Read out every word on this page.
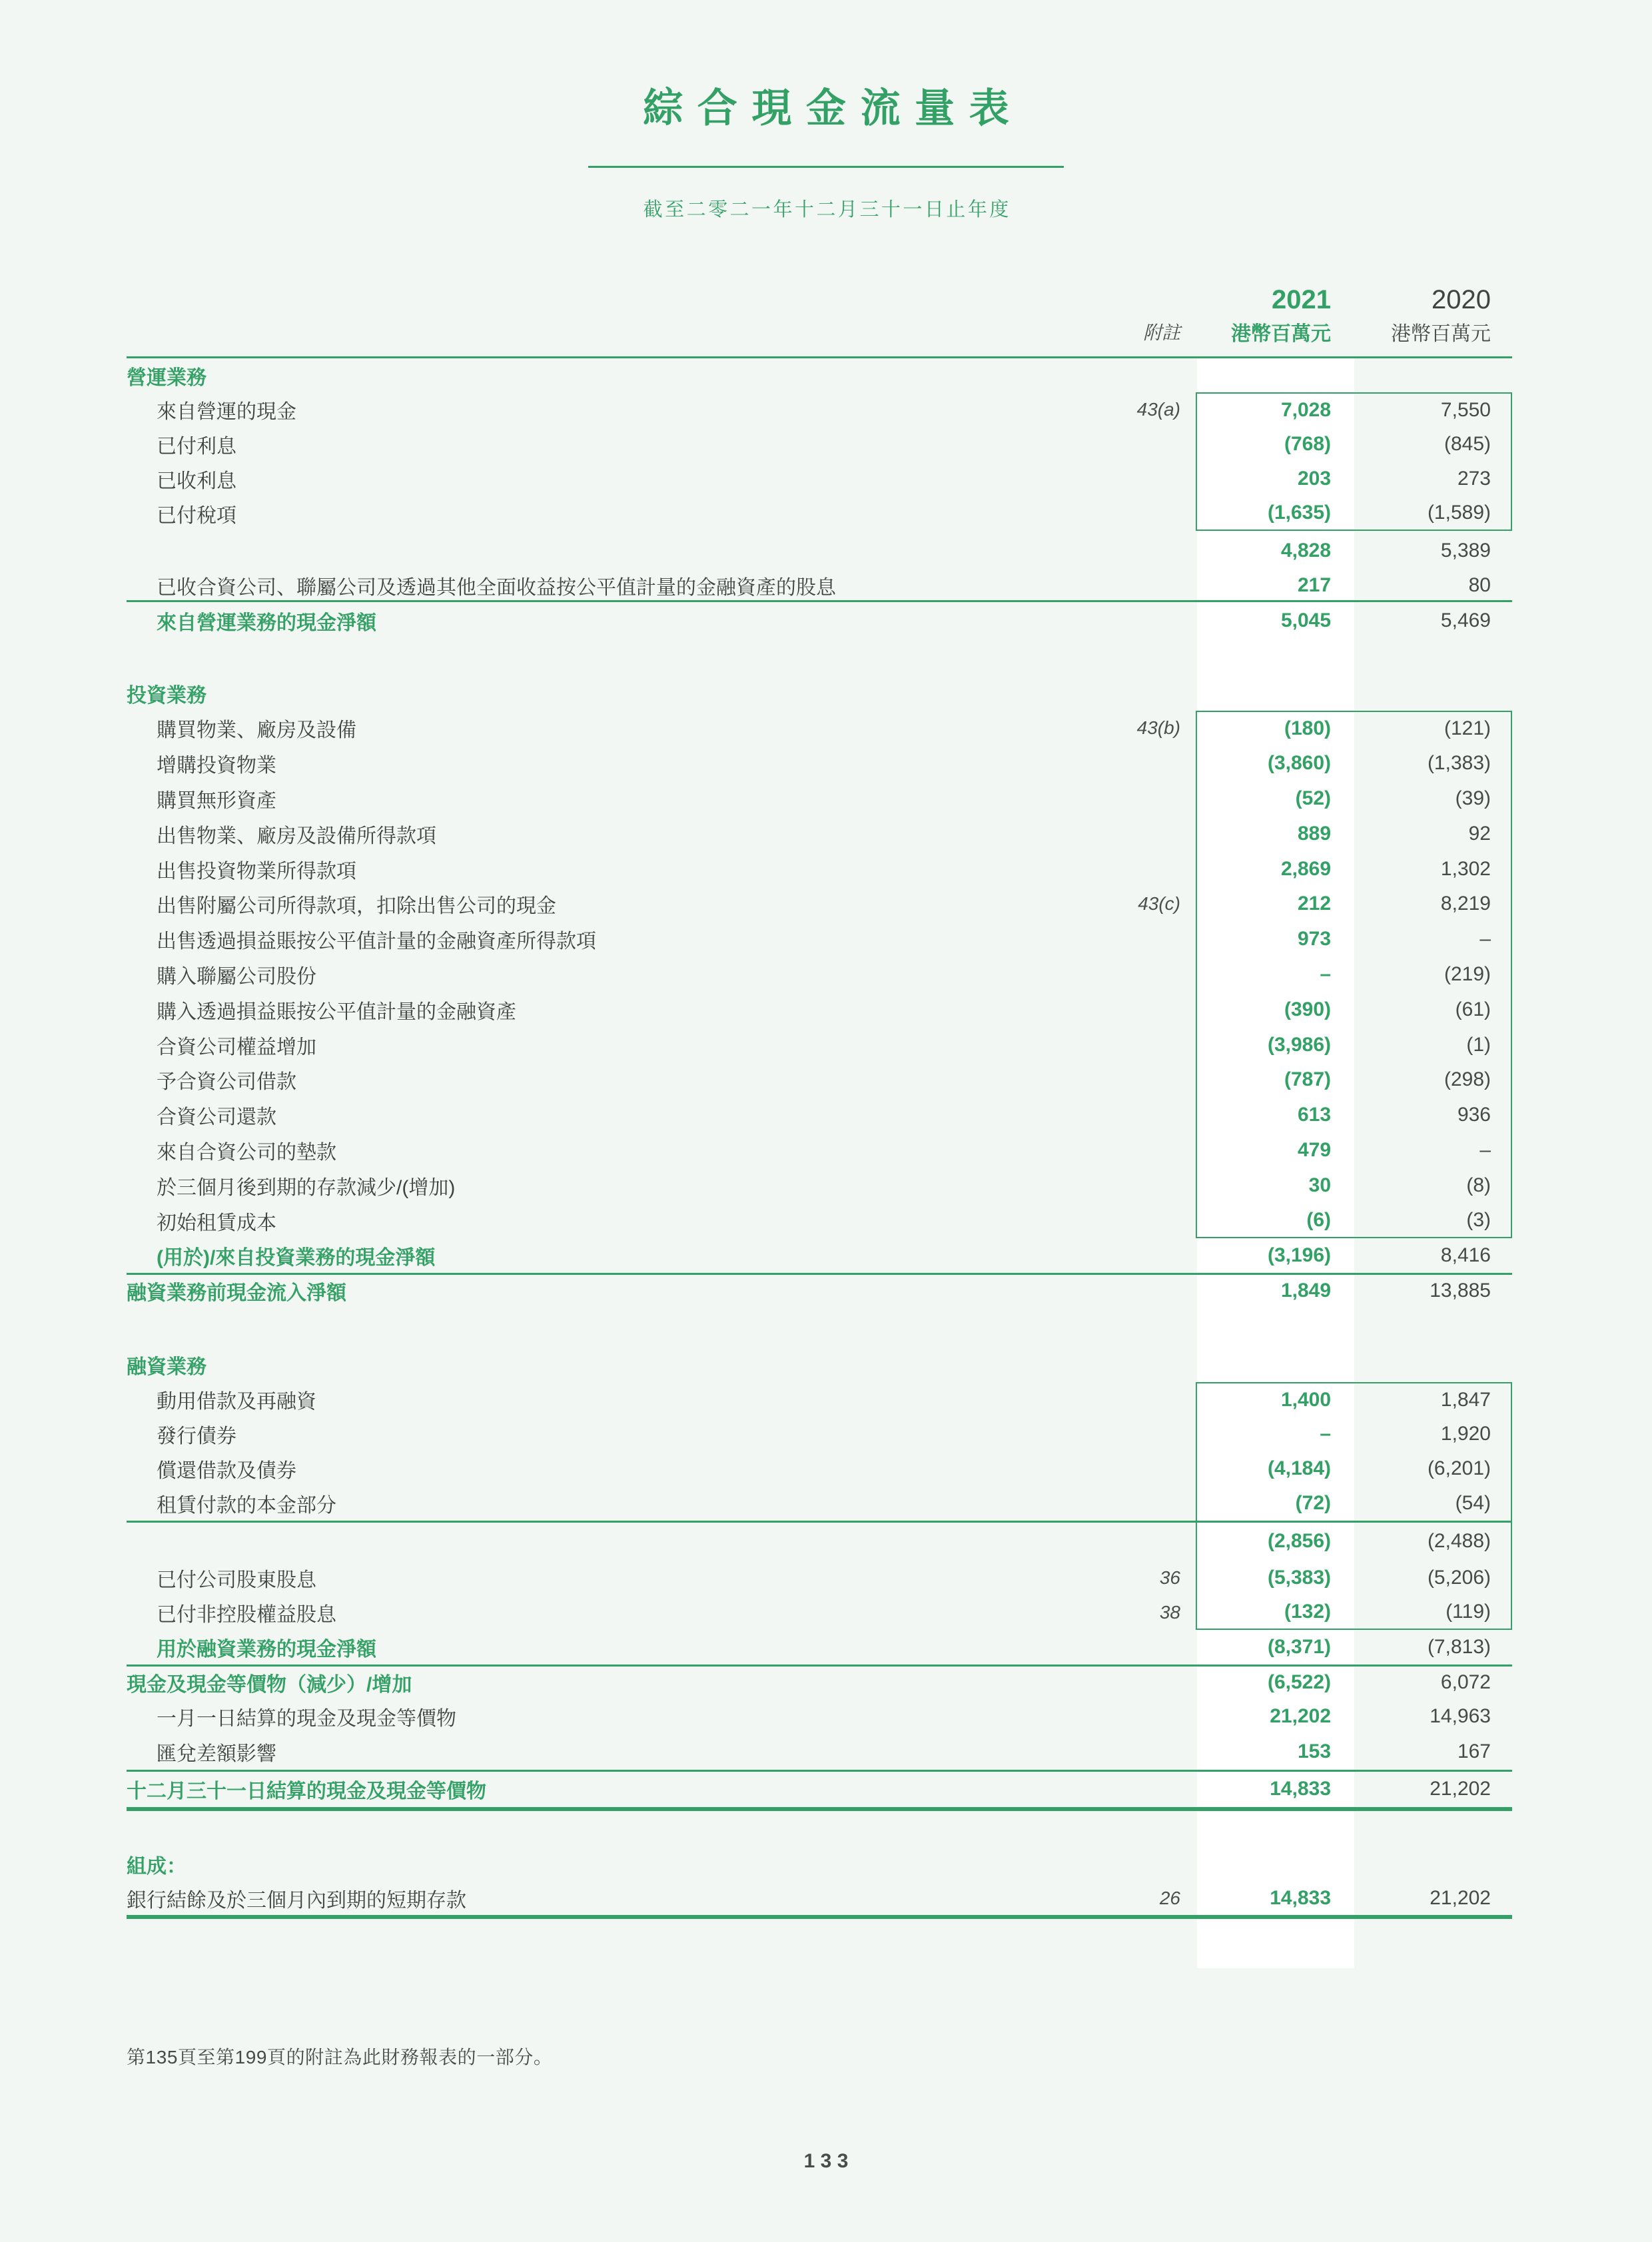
綜合現金流量表
截至二零二一年十二月三十一日止年度
2021	2020
附註	港幣百萬元	港幣百萬元
營運業務
來自營運的現金	43(a)	7,028	7,550
已付利息	(768)	(845)
已收利息	203	273
已付稅項	(1,635)	(1,589)
4,828	5,389
已收合資公司、聯屬公司及透過其他全面收益按公平值計量的金融資產的股息	217	80
來自營運業務的現金淨額	5,045	5,469
投資業務
購買物業、廠房及設備	43(b)	(180)	(121)
增購投資物業	(3,860)	(1,383)
購買無形資產	(52)	(39)
出售物業、廠房及設備所得款項	889	92
出售投資物業所得款項	2,869	1,302
出售附屬公司所得款項，扣除出售公司的現金	43(c)	212	8,219
出售透過損益賬按公平值計量的金融資產所得款項	973	–
購入聯屬公司股份	–	(219)
購入透過損益賬按公平值計量的金融資產	(390)	(61)
合資公司權益增加	(3,986)	(1)
予合資公司借款	(787)	(298)
合資公司還款	613	936
來自合資公司的墊款	479	–
於三個月後到期的存款減少/(增加)	30	(8)
初始租賃成本	(6)	(3)
(用於)/來自投資業務的現金淨額	(3,196)	8,416
融資業務前現金流入淨額	1,849	13,885
融資業務
動用借款及再融資	1,400	1,847
發行債券	–	1,920
償還借款及債券	(4,184)	(6,201)
租賃付款的本金部分	(72)	(54)
(2,856)	(2,488)
已付公司股東股息	36	(5,383)	(5,206)
已付非控股權益股息	38	(132)	(119)
用於融資業務的現金淨額	(8,371)	(7,813)
現金及現金等價物（減少）/增加	(6,522)	6,072
一月一日結算的現金及現金等價物	21,202	14,963
匯兌差額影響	153	167
十二月三十一日結算的現金及現金等價物	14,833	21,202
組成：
銀行結餘及於三個月內到期的短期存款	26	14,833	21,202
第135頁至第199頁的附註為此財務報表的一部分。
133
